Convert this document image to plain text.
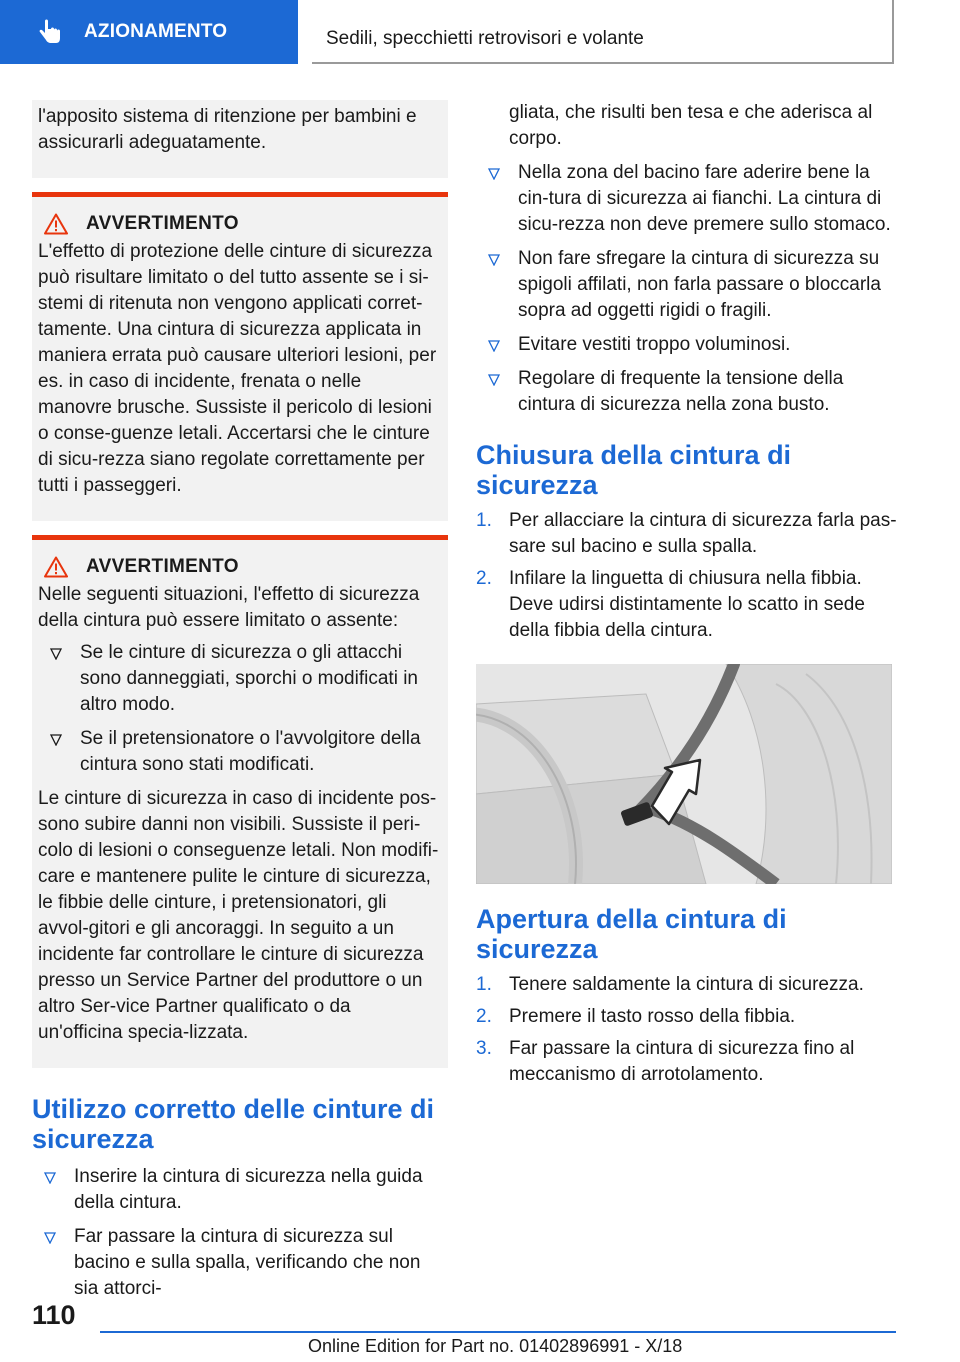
AZIONAMENTO	Sedili, specchietti retrovisori e volante

l'apposito sistema di ritenzione per bambini e assicurarli adeguatamente.

AVVERTIMENTO

L'effetto di protezione delle cinture di sicurezza può risultare limitato o del tutto assente se i si-stemi di ritenuta non vengono applicati corret-tamente. Una cintura di sicurezza applicata in maniera errata può causare ulteriori lesioni, per es. in caso di incidente, frenata o nelle manovre brusche. Sussiste il pericolo di lesioni o conse-guenze letali. Accertarsi che le cinture di sicu-rezza siano regolate correttamente per tutti i passeggeri.

AVVERTIMENTO

Nelle seguenti situazioni, l'effetto di sicurezza della cintura può essere limitato o assente:

Se le cinture di sicurezza o gli attacchi sono danneggiati, sporchi o modificati in altro modo.
Se il pretensionatore o l'avvolgitore della cintura sono stati modificati.

Le cinture di sicurezza in caso di incidente pos-sono subire danni non visibili. Sussiste il peri-colo di lesioni o conseguenze letali. Non modifi-care e mantenere pulite le cinture di sicurezza, le fibbie delle cinture, i pretensionatori, gli avvol-gitori e gli ancoraggi. In seguito a un incidente far controllare le cinture di sicurezza presso un Service Partner del produttore o un altro Ser-vice Partner qualificato o da un'officina specia-lizzata.

Utilizzo corretto delle cinture di sicurezza
Inserire la cintura di sicurezza nella guida della cintura.
Far passare la cintura di sicurezza sul bacino e sulla spalla, verificando che non sia attorci-

gliata, che risulti ben tesa e che aderisca al corpo.

Nella zona del bacino fare aderire bene la cin-tura di sicurezza ai fianchi. La cintura di sicu-rezza non deve premere sullo stomaco.
Non fare sfregare la cintura di sicurezza su spigoli affilati, non farla passare o bloccarla sopra ad oggetti rigidi o fragili.
Evitare vestiti troppo voluminosi.
Regolare di frequente la tensione della cintura di sicurezza nella zona busto.
Chiusura della cintura di sicurezza
1. Per allacciare la cintura di sicurezza farla pas-sare sul bacino e sulla spalla.
2. Infilare la linguetta di chiusura nella fibbia. Deve udirsi distintamente lo scatto in sede della fibbia della cintura.
Apertura della cintura di sicurezza
1. Tenere saldamente la cintura di sicurezza.
2. Premere il tasto rosso della fibbia.
3. Far passare la cintura di sicurezza fino al meccanismo di arrotolamento.
110
Online Edition for Part no. 01402896991 - X/18
